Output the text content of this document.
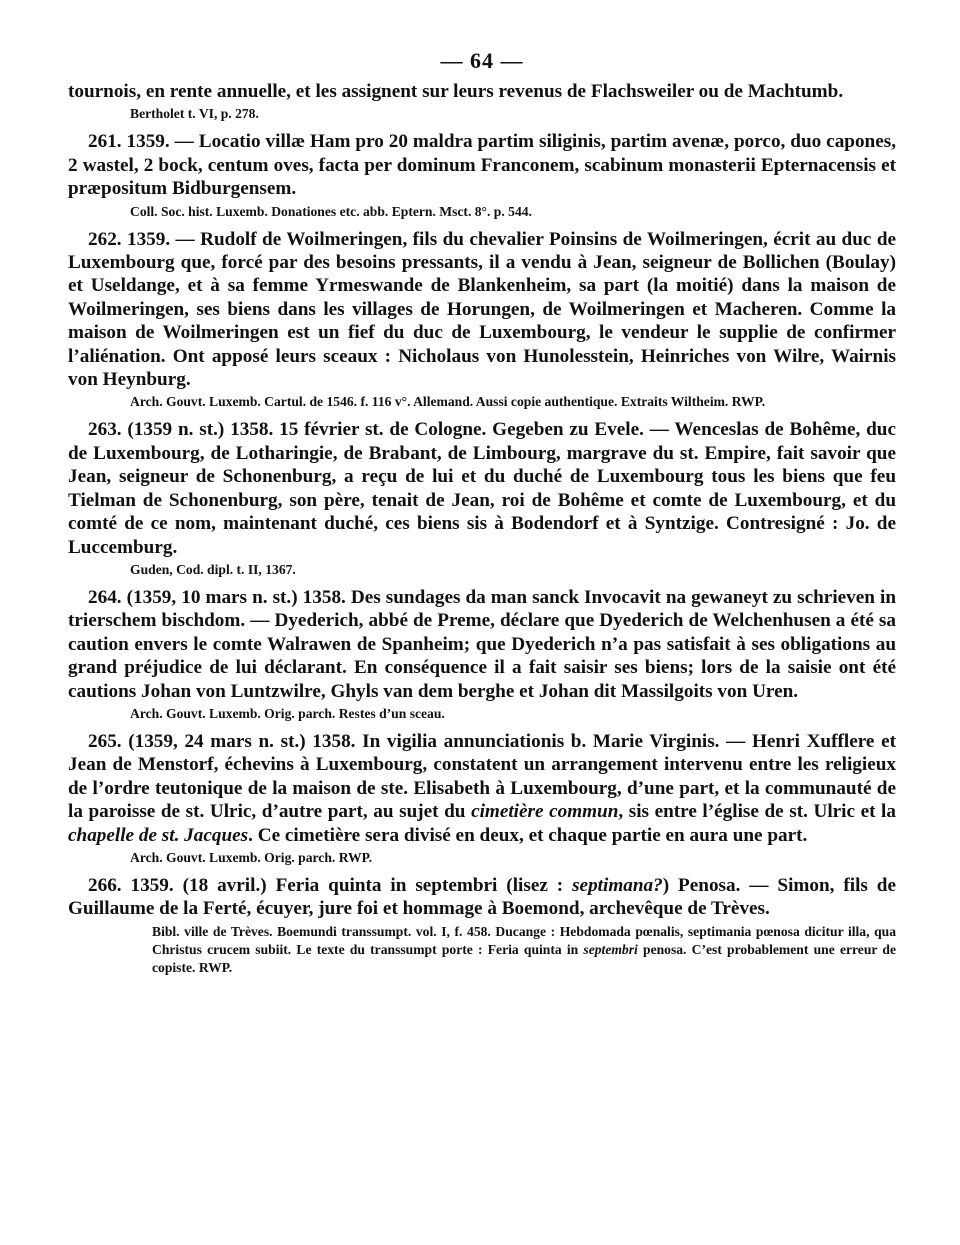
— 64 —

tournois, en rente annuelle, et les assignent sur leurs revenus de Flachsweiler ou de Machtumb.

Bertholet t. VI, p. 278.

261. 1359. — Locatio villæ Ham pro 20 maldra partim siliginis, partim avenæ, porco, duo capones, 2 wastel, 2 bock, centum oves, facta per dominum Franconem, scabinum monasterii Epternacensis et præpositum Bidburgensem.

Coll. Soc. hist. Luxemb. Donationes etc. abb. Eptern. Msct. 8°. p. 544.

262. 1359. — Rudolf de Woilmeringen, fils du chevalier Poinsins de Woilmeringen, écrit au duc de Luxembourg que, forcé par des besoins pressants, il a vendu à Jean, seigneur de Bollichen (Boulay) et Useldange, et à sa femme Yrmeswande de Blankenheim, sa part (la moitié) dans la maison de Woilmeringen, ses biens dans les villages de Horungen, de Woilmeringen et Macheren. Comme la maison de Woilmeringen est un fief du duc de Luxembourg, le vendeur le supplie de confirmer l’aliénation. Ont apposé leurs sceaux : Nicholaus von Hunolesstein, Heinriches von Wilre, Wairnis von Heynburg.

Arch. Gouvt. Luxemb. Cartul. de 1546. f. 116 v°. Allemand. Aussi copie authentique. Extraits Wiltheim. RWP.

263. (1359 n. st.) 1358. 15 février st. de Cologne. Gegeben zu Evele. — Wenceslas de Bohême, duc de Luxembourg, de Lotharingie, de Brabant, de Limbourg, margrave du st. Empire, fait savoir que Jean, seigneur de Schonenburg, a reçu de lui et du duché de Luxembourg tous les biens que feu Tielman de Schonenburg, son père, tenait de Jean, roi de Bohême et comte de Luxembourg, et du comté de ce nom, maintenant duché, ces biens sis à Bodendorf et à Syntzige. Contresigné : Jo. de Luccemburg.

Guden, Cod. dipl. t. II, 1367.

264. (1359, 10 mars n. st.) 1358. Des sundages da man sanck Invocavit na gewaneyt zu schrieven in trierschem bischdom. — Dyederich, abbé de Preme, déclare que Dyederich de Welchenhusen a été sa caution envers le comte Walrawen de Spanheim; que Dyederich n’a pas satisfait à ses obligations au grand préjudice de lui déclarant. En conséquence il a fait saisir ses biens; lors de la saisie ont été cautions Johan von Luntzwilre, Ghyls van dem berghe et Johan dit Massilgoits von Uren.

Arch. Gouvt. Luxemb. Orig. parch. Restes d’un sceau.

265. (1359, 24 mars n. st.) 1358. In vigilia annunciationis b. Marie Virginis. — Henri Xufflere et Jean de Menstorf, échevins à Luxembourg, constatent un arrangement intervenu entre les religieux de l’ordre teutonique de la maison de ste. Elisabeth à Luxembourg, d’une part, et la communauté de la paroisse de st. Ulric, d’autre part, au sujet du cimetière commun, sis entre l’église de st. Ulric et la chapelle de st. Jacques. Ce cimetière sera divisé en deux, et chaque partie en aura une part.

Arch. Gouvt. Luxemb. Orig. parch. RWP.

266. 1359. (18 avril.) Feria quinta in septembri (lisez : septimana?) Penosa. — Simon, fils de Guillaume de la Ferté, écuyer, jure foi et hommage à Boemond, archevêque de Trèves.

Bibl. ville de Trèves. Boemundi transsumpt. vol. I, f. 458. Ducange : Hebdomada pœnalis, septimania pœnosa dicitur illa, qua Christus crucem subiit. Le texte du transsumpt porte : Feria quinta in septembri penosa. C’est probablement une erreur de copiste. RWP.
